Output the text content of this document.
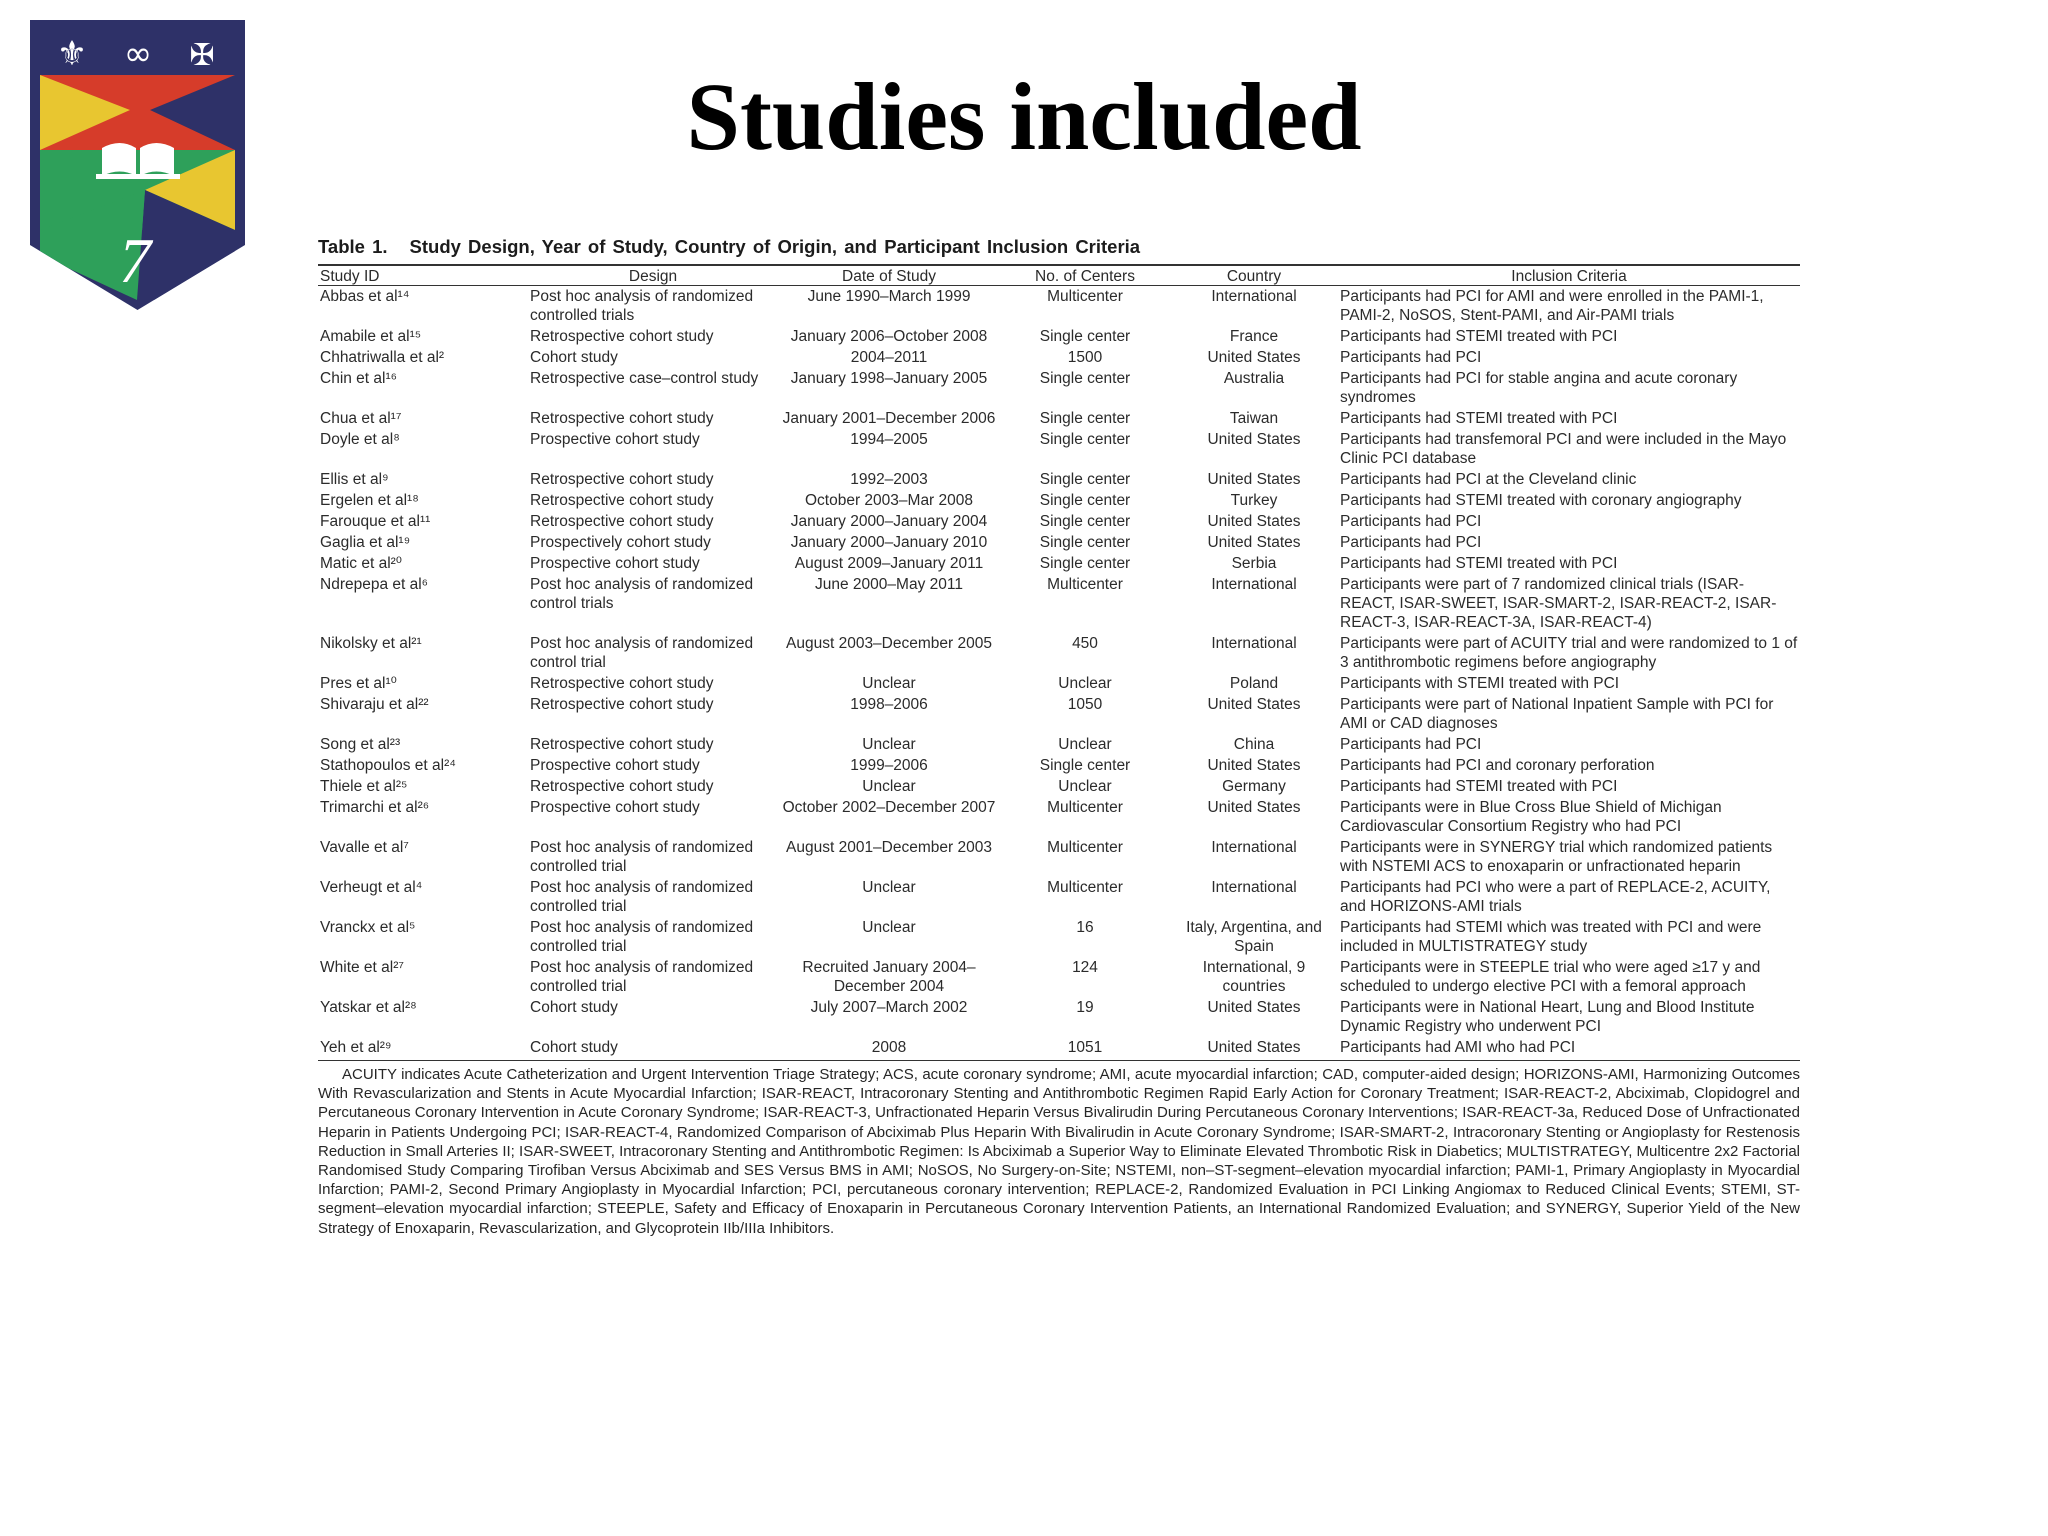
⚜ ∞ ✠
7
Studies included
Table 1. Study Design, Year of Study, Country of Origin, and Participant Inclusion Criteria
Study ID	Design	Date of Study	No. of Centers	Country	Inclusion Criteria
Abbas et al¹⁴	Post hoc analysis of randomized controlled trials	June 1990–March 1999	Multicenter	International	Participants had PCI for AMI and were enrolled in the PAMI-1, PAMI-2, NoSOS, Stent-PAMI, and Air-PAMI trials
Amabile et al¹⁵	Retrospective cohort study	January 2006–October 2008	Single center	France	Participants had STEMI treated with PCI
Chhatriwalla et al²	Cohort study	2004–2011	1500	United States	Participants had PCI
Chin et al¹⁶	Retrospective case–control study	January 1998–January 2005	Single center	Australia	Participants had PCI for stable angina and acute coronary syndromes
Chua et al¹⁷	Retrospective cohort study	January 2001–December 2006	Single center	Taiwan	Participants had STEMI treated with PCI
Doyle et al⁸	Prospective cohort study	1994–2005	Single center	United States	Participants had transfemoral PCI and were included in the Mayo Clinic PCI database
Ellis et al⁹	Retrospective cohort study	1992–2003	Single center	United States	Participants had PCI at the Cleveland clinic
Ergelen et al¹⁸	Retrospective cohort study	October 2003–Mar 2008	Single center	Turkey	Participants had STEMI treated with coronary angiography
Farouque et al¹¹	Retrospective cohort study	January 2000–January 2004	Single center	United States	Participants had PCI
Gaglia et al¹⁹	Prospectively cohort study	January 2000–January 2010	Single center	United States	Participants had PCI
Matic et al²⁰	Prospective cohort study	August 2009–January 2011	Single center	Serbia	Participants had STEMI treated with PCI
Ndrepepa et al⁶	Post hoc analysis of randomized control trials	June 2000–May 2011	Multicenter	International	Participants were part of 7 randomized clinical trials (ISAR-REACT, ISAR-SWEET, ISAR-SMART-2, ISAR-REACT-2, ISAR-REACT-3, ISAR-REACT-3A, ISAR-REACT-4)
Nikolsky et al²¹	Post hoc analysis of randomized control trial	August 2003–December 2005	450	International	Participants were part of ACUITY trial and were randomized to 1 of 3 antithrombotic regimens before angiography
Pres et al¹⁰	Retrospective cohort study	Unclear	Unclear	Poland	Participants with STEMI treated with PCI
Shivaraju et al²²	Retrospective cohort study	1998–2006	1050	United States	Participants were part of National Inpatient Sample with PCI for AMI or CAD diagnoses
Song et al²³	Retrospective cohort study	Unclear	Unclear	China	Participants had PCI
Stathopoulos et al²⁴	Prospective cohort study	1999–2006	Single center	United States	Participants had PCI and coronary perforation
Thiele et al²⁵	Retrospective cohort study	Unclear	Unclear	Germany	Participants had STEMI treated with PCI
Trimarchi et al²⁶	Prospective cohort study	October 2002–December 2007	Multicenter	United States	Participants were in Blue Cross Blue Shield of Michigan Cardiovascular Consortium Registry who had PCI
Vavalle et al⁷	Post hoc analysis of randomized controlled trial	August 2001–December 2003	Multicenter	International	Participants were in SYNERGY trial which randomized patients with NSTEMI ACS to enoxaparin or unfractionated heparin
Verheugt et al⁴	Post hoc analysis of randomized controlled trial	Unclear	Multicenter	International	Participants had PCI who were a part of REPLACE-2, ACUITY, and HORIZONS-AMI trials
Vranckx et al⁵	Post hoc analysis of randomized controlled trial	Unclear	16	Italy, Argentina, and Spain	Participants had STEMI which was treated with PCI and were included in MULTISTRATEGY study
White et al²⁷	Post hoc analysis of randomized controlled trial	Recruited January 2004–December 2004	124	International, 9 countries	Participants were in STEEPLE trial who were aged ≥17 y and scheduled to undergo elective PCI with a femoral approach
Yatskar et al²⁸	Cohort study	July 2007–March 2002	19	United States	Participants were in National Heart, Lung and Blood Institute Dynamic Registry who underwent PCI
Yeh et al²⁹	Cohort study	2008	1051	United States	Participants had AMI who had PCI

ACUITY indicates Acute Catheterization and Urgent Intervention Triage Strategy; ACS, acute coronary syndrome; AMI, acute myocardial infarction; CAD, computer-aided design; HORIZONS-AMI, Harmonizing Outcomes With Revascularization and Stents in Acute Myocardial Infarction; ISAR-REACT, Intracoronary Stenting and Antithrombotic Regimen Rapid Early Action for Coronary Treatment; ISAR-REACT-2, Abciximab, Clopidogrel and Percutaneous Coronary Intervention in Acute Coronary Syndrome; ISAR-REACT-3, Unfractionated Heparin Versus Bivalirudin During Percutaneous Coronary Interventions; ISAR-REACT-3a, Reduced Dose of Unfractionated Heparin in Patients Undergoing PCI; ISAR-REACT-4, Randomized Comparison of Abciximab Plus Heparin With Bivalirudin in Acute Coronary Syndrome; ISAR-SMART-2, Intracoronary Stenting or Angioplasty for Restenosis Reduction in Small Arteries II; ISAR-SWEET, Intracoronary Stenting and Antithrombotic Regimen: Is Abciximab a Superior Way to Eliminate Elevated Thrombotic Risk in Diabetics; MULTISTRATEGY, Multicentre 2x2 Factorial Randomised Study Comparing Tirofiban Versus Abciximab and SES Versus BMS in AMI; NoSOS, No Surgery-on-Site; NSTEMI, non–ST-segment–elevation myocardial infarction; PAMI-1, Primary Angioplasty in Myocardial Infarction; PAMI-2, Second Primary Angioplasty in Myocardial Infarction; PCI, percutaneous coronary intervention; REPLACE-2, Randomized Evaluation in PCI Linking Angiomax to Reduced Clinical Events; STEMI, ST-segment–elevation myocardial infarction; STEEPLE, Safety and Efficacy of Enoxaparin in Percutaneous Coronary Intervention Patients, an International Randomized Evaluation; and SYNERGY, Superior Yield of the New Strategy of Enoxaparin, Revascularization, and Glycoprotein IIb/IIIa Inhibitors.
